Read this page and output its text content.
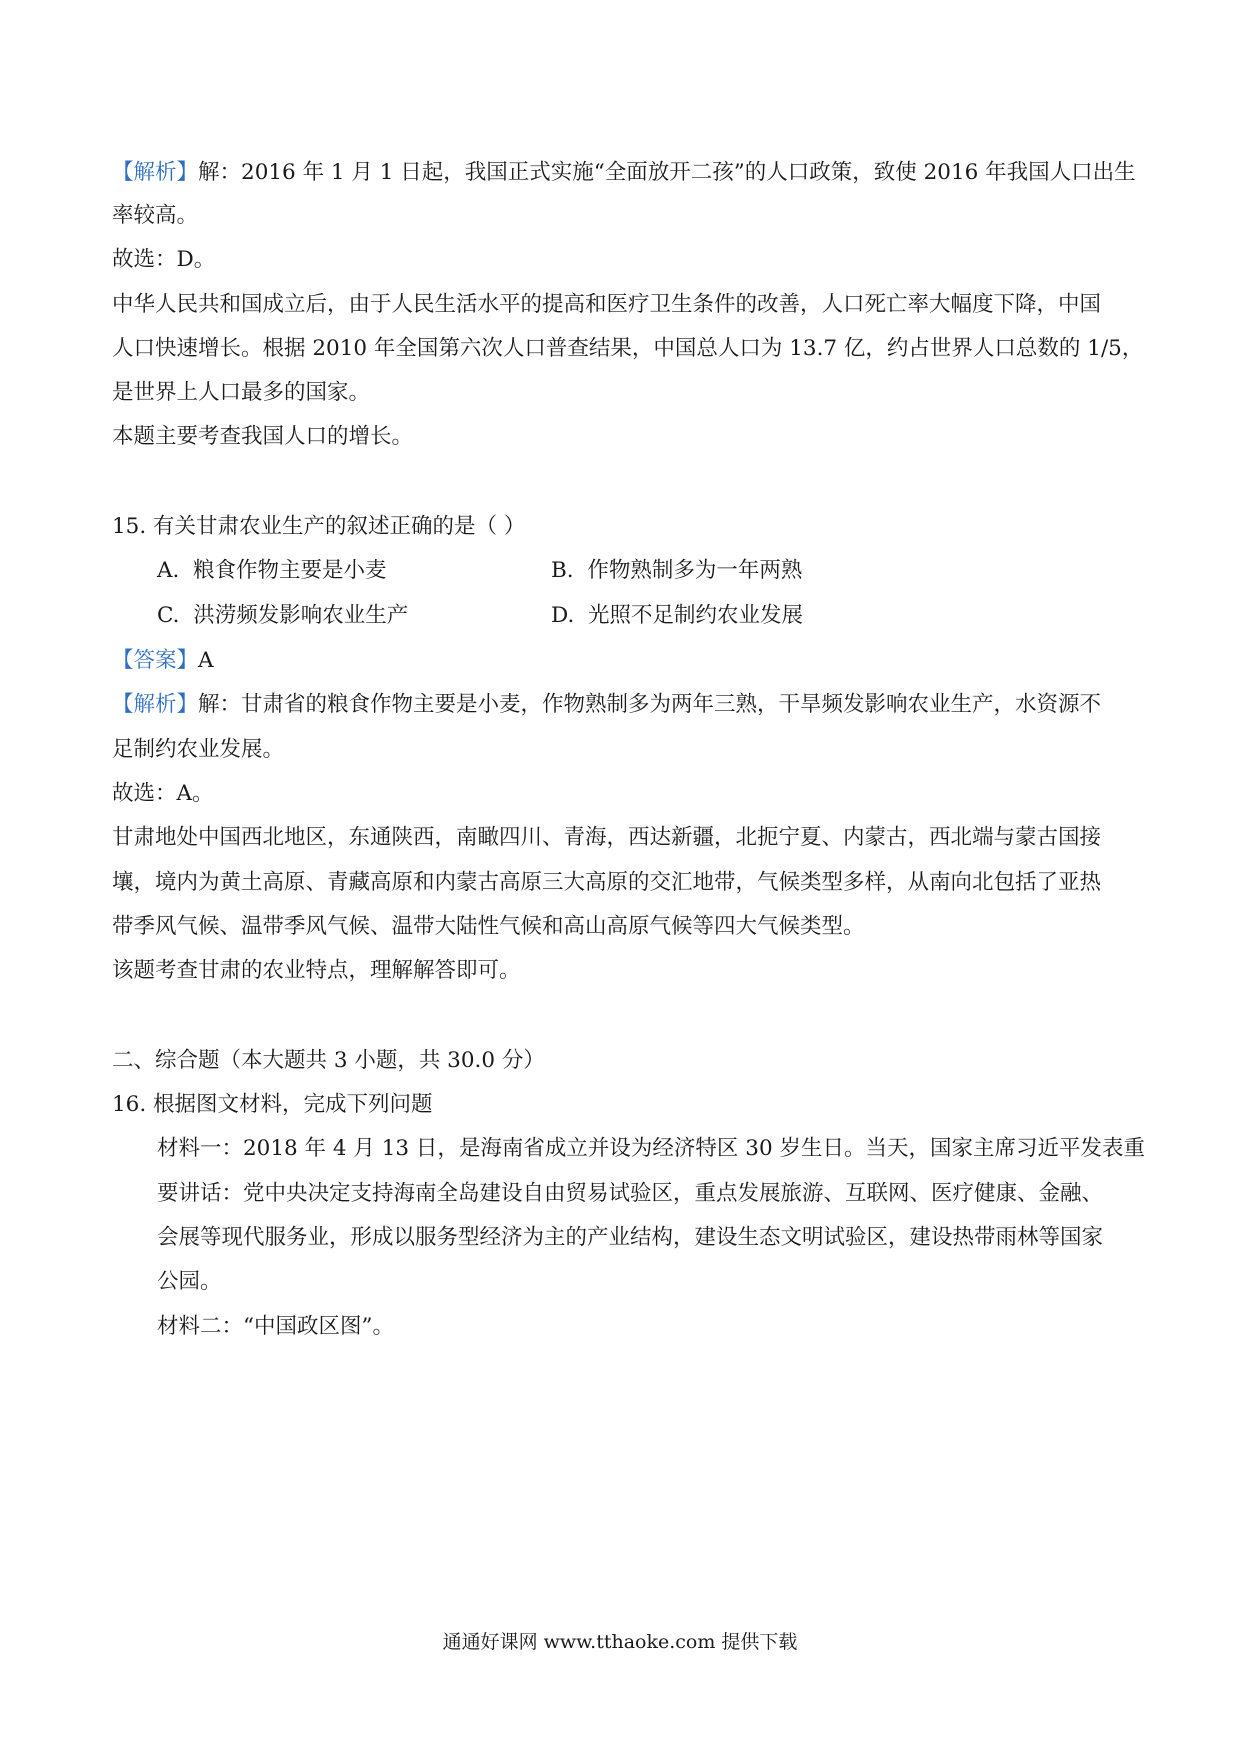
【解析】解：2016 年 1 月 1 日起，我国正式实施“全面放开二孩”的人口政策，致使 2016 年我国人口出生
率较高。
故选：D。
中华人民共和国成立后，由于人民生活水平的提高和医疗卫生条件的改善，人口死亡率大幅度下降，中国
人口快速增长。根据 2010 年全国第六次人口普查结果，中国总人口为 13.7 亿，约占世界人口总数的 1/5，
是世界上人口最多的国家。
本题主要考查我国人口的增长。
15. 有关甘肃农业生产的叙述正确的是（ ）
A. 粮食作物主要是小麦	B. 作物熟制多为一年两熟
C. 洪涝频发影响农业生产	D. 光照不足制约农业发展
【答案】A
【解析】解：甘肃省的粮食作物主要是小麦，作物熟制多为两年三熟，干旱频发影响农业生产，水资源不
足制约农业发展。
故选：A。
甘肃地处中国西北地区，东通陕西，南瞰四川、青海，西达新疆，北扼宁夏、内蒙古，西北端与蒙古国接
壤，境内为黄土高原、青藏高原和内蒙古高原三大高原的交汇地带，气候类型多样，从南向北包括了亚热
带季风气候、温带季风气候、温带大陆性气候和高山高原气候等四大气候类型。
该题考查甘肃的农业特点，理解解答即可。
二、综合题（本大题共 3 小题，共 30.0 分）
16. 根据图文材料，完成下列问题
材料一：2018 年 4 月 13 日，是海南省成立并设为经济特区 30 岁生日。当天，国家主席习近平发表重
要讲话：党中央决定支持海南全岛建设自由贸易试验区，重点发展旅游、互联网、医疗健康、金融、
会展等现代服务业，形成以服务型经济为主的产业结构，建设生态文明试验区，建设热带雨林等国家
公园。
材料二：“中国政区图”。
通通好课网 www.tthaoke.com 提供下载
